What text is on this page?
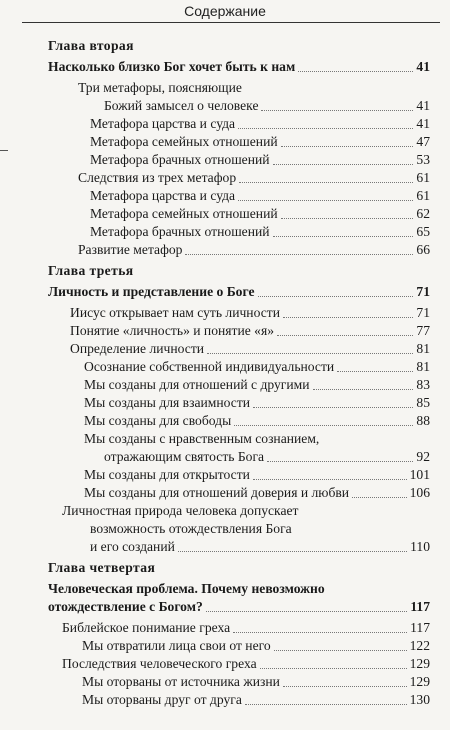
Содержание
Глава вторая
Насколько близко Бог хочет быть к нам	41
Три метафоры, поясняющие
Божий замысел о человеке	41
Метафора царства и суда	41
Метафора семейных отношений	47
Метафора брачных отношений	53
Следствия из трех метафор	61
Метафора царства и суда	61
Метафора семейных отношений	62
Метафора брачных отношений	65
Развитие метафор	66
Глава третья
Личность и представление о Боге	71
Иисус открывает нам суть личности	71
Понятие «личность» и понятие «я»	77
Определение личности	81
Осознание собственной индивидуальности	81
Мы созданы для отношений с другими	83
Мы созданы для взаимности	85
Мы созданы для свободы	88
Мы созданы с нравственным сознанием,
отражающим святость Бога	92
Мы созданы для открытости	101
Мы созданы для отношений доверия и любви	106
Личностная природа человека допускает
возможность отождествления Бога
и его созданий	110
Глава четвертая
Человеческая проблема. Почему невозможно
отождествление с Богом?	117
Библейское понимание греха	117
Мы отвратили лица свои от него	122
Последствия человеческого греха	129
Мы оторваны от источника жизни	129
Мы оторваны друг от друга	130
